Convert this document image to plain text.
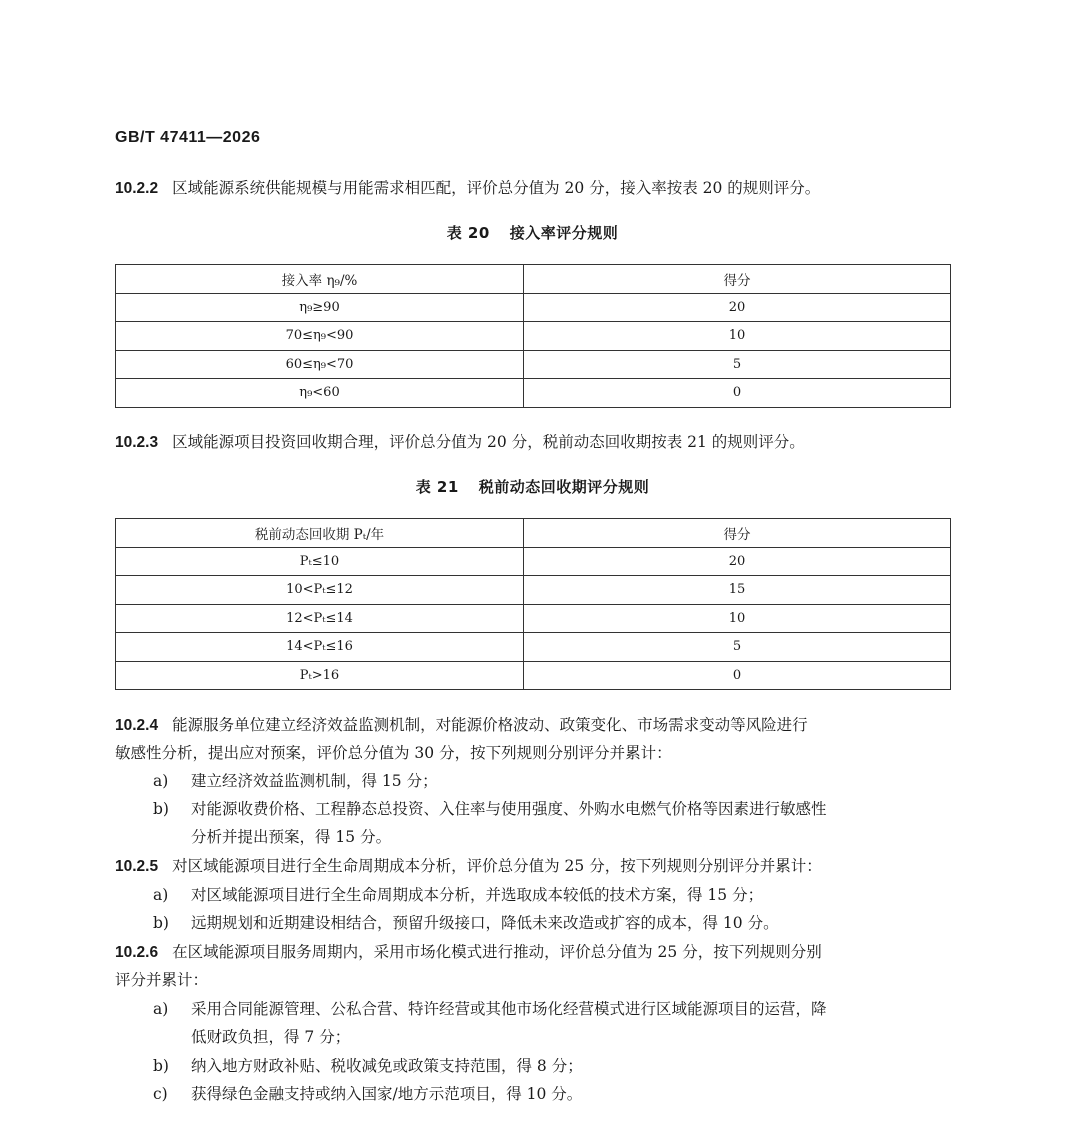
GB/T 47411—2026
10.2.2 区域能源系统供能规模与用能需求相匹配，评价总分值为 20 分，接入率按表 20 的规则评分。
表 20 接入率评分规则
接入率 η₉/%	得分
η₉≥90	20
70≤η₉<90	10
60≤η₉<70	5
η₉<60	0
10.2.3 区域能源项目投资回收期合理，评价总分值为 20 分，税前动态回收期按表 21 的规则评分。
表 21 税前动态回收期评分规则
税前动态回收期 Pₜ/年	得分
Pₜ≤10	20
10<Pₜ≤12	15
12<Pₜ≤14	10
14<Pₜ≤16	5
Pₜ>16	0
10.2.4 能源服务单位建立经济效益监测机制，对能源价格波动、政策变化、市场需求变动等风险进行
敏感性分析，提出应对预案，评价总分值为 30 分，按下列规则分别评分并累计：
a) 建立经济效益监测机制，得 15 分；
b) 对能源收费价格、工程静态总投资、入住率与使用强度、外购水电燃气价格等因素进行敏感性
分析并提出预案，得 15 分。
10.2.5 对区域能源项目进行全生命周期成本分析，评价总分值为 25 分，按下列规则分别评分并累计：
a) 对区域能源项目进行全生命周期成本分析，并选取成本较低的技术方案，得 15 分；
b) 远期规划和近期建设相结合，预留升级接口，降低未来改造或扩容的成本，得 10 分。
10.2.6 在区域能源项目服务周期内，采用市场化模式进行推动，评价总分值为 25 分，按下列规则分别
评分并累计：
a) 采用合同能源管理、公私合营、特许经营或其他市场化经营模式进行区域能源项目的运营，降
低财政负担，得 7 分；
b) 纳入地方财政补贴、税收减免或政策支持范围，得 8 分；
c) 获得绿色金融支持或纳入国家/地方示范项目，得 10 分。
